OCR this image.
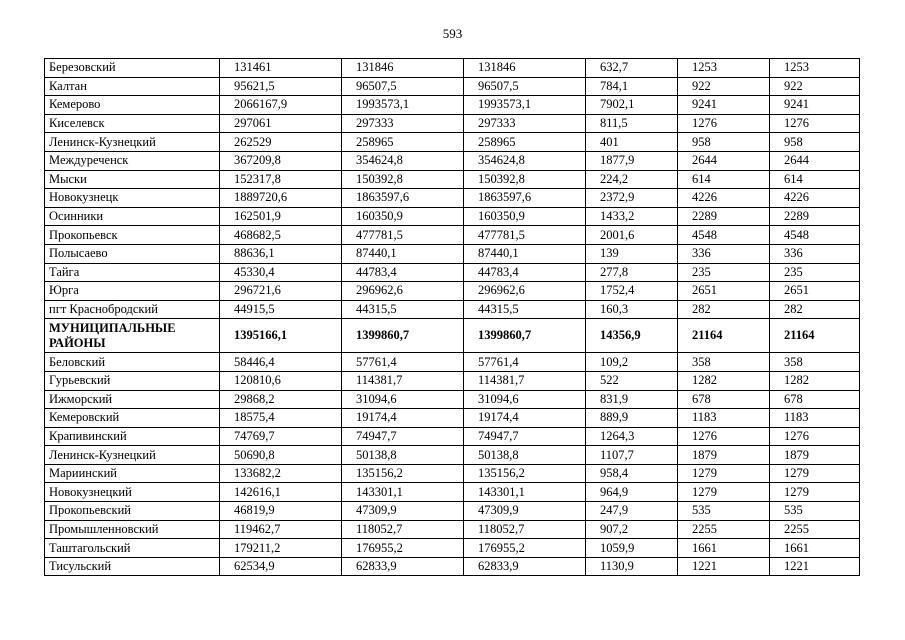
593
Березовский	131461	131846	131846	632,7	1253	1253
Калтан	95621,5	96507,5	96507,5	784,1	922	922
Кемерово	2066167,9	1993573,1	1993573,1	7902,1	9241	9241
Киселевск	297061	297333	297333	811,5	1276	1276
Ленинск-Кузнецкий	262529	258965	258965	401	958	958
Междуреченск	367209,8	354624,8	354624,8	1877,9	2644	2644
Мыски	152317,8	150392,8	150392,8	224,2	614	614
Новокузнецк	1889720,6	1863597,6	1863597,6	2372,9	4226	4226
Осинники	162501,9	160350,9	160350,9	1433,2	2289	2289
Прокопьевск	468682,5	477781,5	477781,5	2001,6	4548	4548
Полысаево	88636,1	87440,1	87440,1	139	336	336
Тайга	45330,4	44783,4	44783,4	277,8	235	235
Юрга	296721,6	296962,6	296962,6	1752,4	2651	2651
пгт Краснобродский	44915,5	44315,5	44315,5	160,3	282	282
МУНИЦИПАЛЬНЫЕ РАЙОНЫ	1395166,1	1399860,7	1399860,7	14356,9	21164	21164
Беловский	58446,4	57761,4	57761,4	109,2	358	358
Гурьевский	120810,6	114381,7	114381,7	522	1282	1282
Ижморский	29868,2	31094,6	31094,6	831,9	678	678
Кемеровский	18575,4	19174,4	19174,4	889,9	1183	1183
Крапивинский	74769,7	74947,7	74947,7	1264,3	1276	1276
Ленинск-Кузнецкий	50690,8	50138,8	50138,8	1107,7	1879	1879
Мариинский	133682,2	135156,2	135156,2	958,4	1279	1279
Новокузнецкий	142616,1	143301,1	143301,1	964,9	1279	1279
Прокопьевский	46819,9	47309,9	47309,9	247,9	535	535
Промышленновский	119462,7	118052,7	118052,7	907,2	2255	2255
Таштагольский	179211,2	176955,2	176955,2	1059,9	1661	1661
Тисульский	62534,9	62833,9	62833,9	1130,9	1221	1221
